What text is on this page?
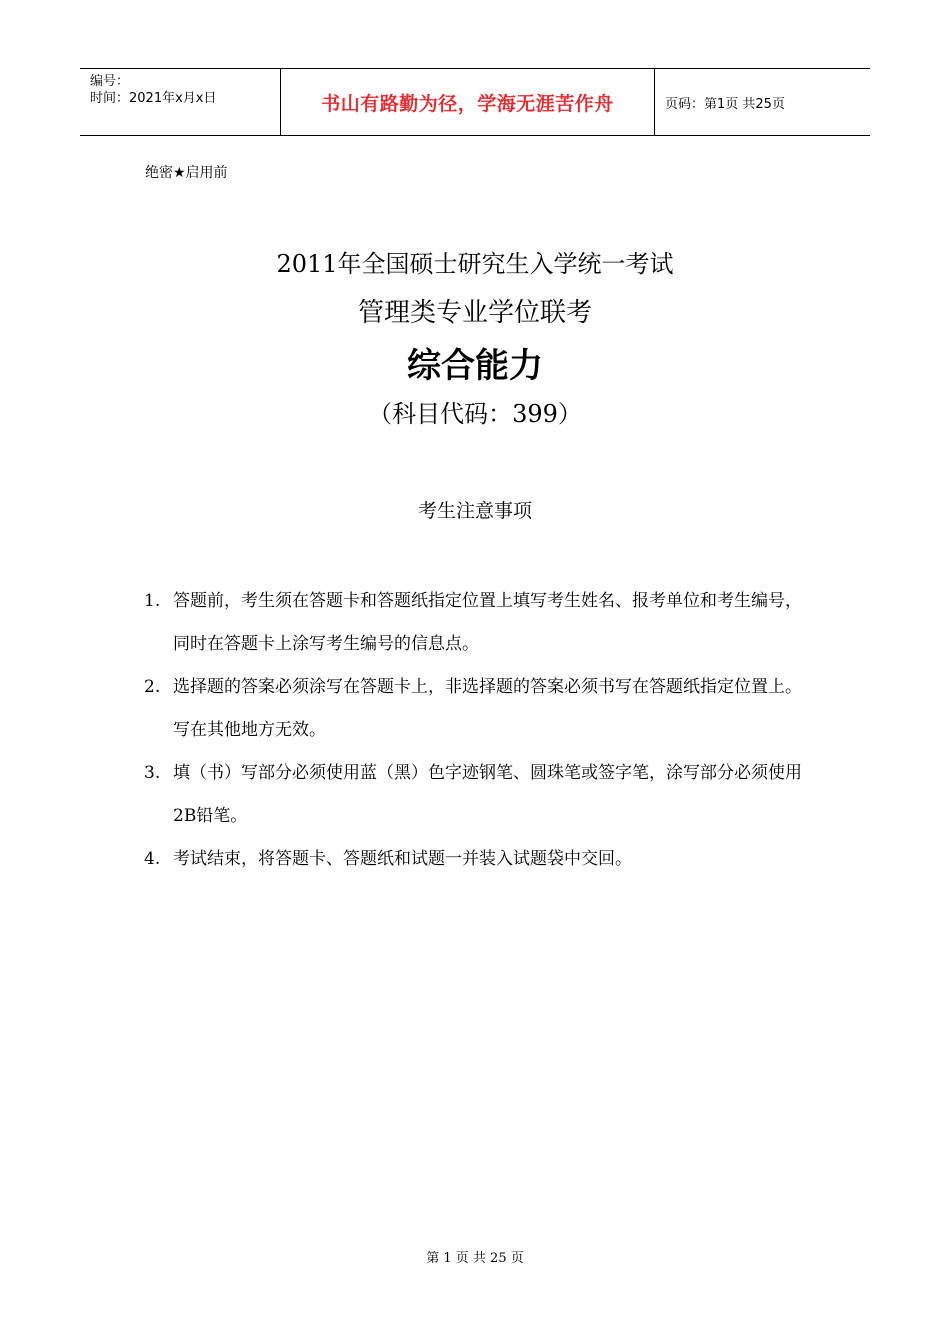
编号：
时间：2021年x月x日	书山有路勤为径，学海无涯苦作舟	页码：第1页 共25页
绝密★启用前
2011年全国硕士研究生入学统一考试
管理类专业学位联考
综合能力
（科目代码：399）
考生注意事项
1. 答题前，考生须在答题卡和答题纸指定位置上填写考生姓名、报考单位和考生编号，同时在答题卡上涂写考生编号的信息点。
2. 选择题的答案必须涂写在答题卡上，非选择题的答案必须书写在答题纸指定位置上。写在其他地方无效。
3. 填（书）写部分必须使用蓝（黑）色字迹钢笔、圆珠笔或签字笔，涂写部分必须使用2B铅笔。
4. 考试结束，将答题卡、答题纸和试题一并装入试题袋中交回。
第 1 页 共 25 页
